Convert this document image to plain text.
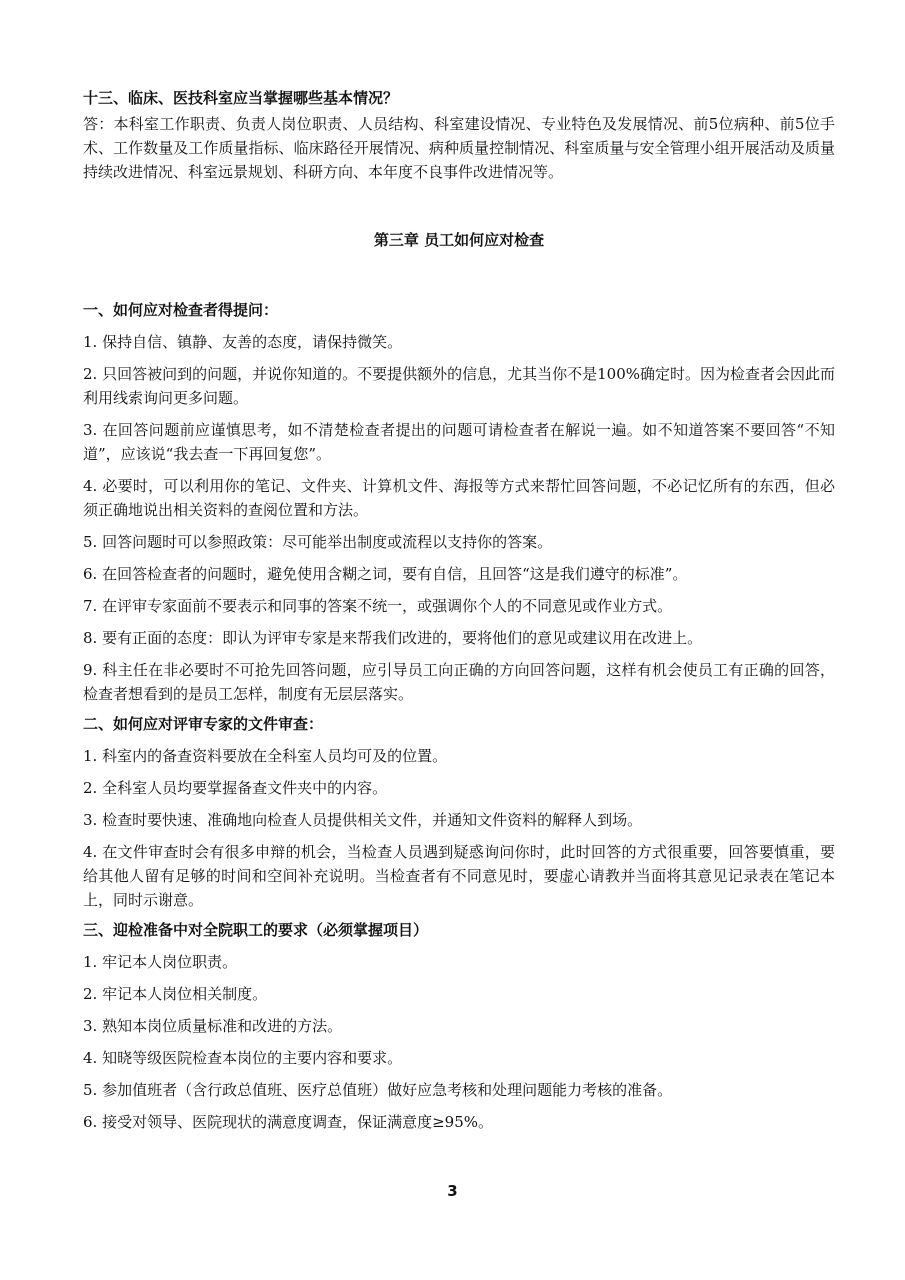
十三、临床、医技科室应当掌握哪些基本情况？

答：本科室工作职责、负责人岗位职责、人员结构、科室建设情况、专业特色及发展情况、前5位病种、前5位手术、工作数量及工作质量指标、临床路径开展情况、病种质量控制情况、科室质量与安全管理小组开展活动及质量持续改进情况、科室远景规划、科研方向、本年度不良事件改进情况等。

第三章 员工如何应对检查

一、如何应对检查者得提问：

1. 保持自信、镇静、友善的态度，请保持微笑。

2. 只回答被问到的问题，并说你知道的。不要提供额外的信息，尤其当你不是100%确定时。因为检查者会因此而利用线索询问更多问题。

3. 在回答问题前应谨慎思考，如不清楚检查者提出的问题可请检查者在解说一遍。如不知道答案不要回答“不知道”，应该说“我去查一下再回复您”。

4. 必要时，可以利用你的笔记、文件夹、计算机文件、海报等方式来帮忙回答问题，不必记忆所有的东西，但必须正确地说出相关资料的查阅位置和方法。

5. 回答问题时可以参照政策：尽可能举出制度或流程以支持你的答案。

6. 在回答检查者的问题时，避免使用含糊之词，要有自信，且回答“这是我们遵守的标准”。

7. 在评审专家面前不要表示和同事的答案不统一，或强调你个人的不同意见或作业方式。

8. 要有正面的态度：即认为评审专家是来帮我们改进的，要将他们的意见或建议用在改进上。

9. 科主任在非必要时不可抢先回答问题，应引导员工向正确的方向回答问题，这样有机会使员工有正确的回答，检查者想看到的是员工怎样，制度有无层层落实。

二、如何应对评审专家的文件审查：

1. 科室内的备查资料要放在全科室人员均可及的位置。

2. 全科室人员均要掌握备查文件夹中的内容。

3. 检查时要快速、准确地向检查人员提供相关文件，并通知文件资料的解释人到场。

4. 在文件审查时会有很多申辩的机会，当检查人员遇到疑惑询问你时，此时回答的方式很重要，回答要慎重，要给其他人留有足够的时间和空间补充说明。当检查者有不同意见时，要虚心请教并当面将其意见记录表在笔记本上，同时示谢意。

三、迎检准备中对全院职工的要求（必须掌握项目）

1. 牢记本人岗位职责。

2. 牢记本人岗位相关制度。

3. 熟知本岗位质量标准和改进的方法。

4. 知晓等级医院检查本岗位的主要内容和要求。

5. 参加值班者（含行政总值班、医疗总值班）做好应急考核和处理问题能力考核的准备。

6. 接受对领导、医院现状的满意度调查，保证满意度≥95%。

3
